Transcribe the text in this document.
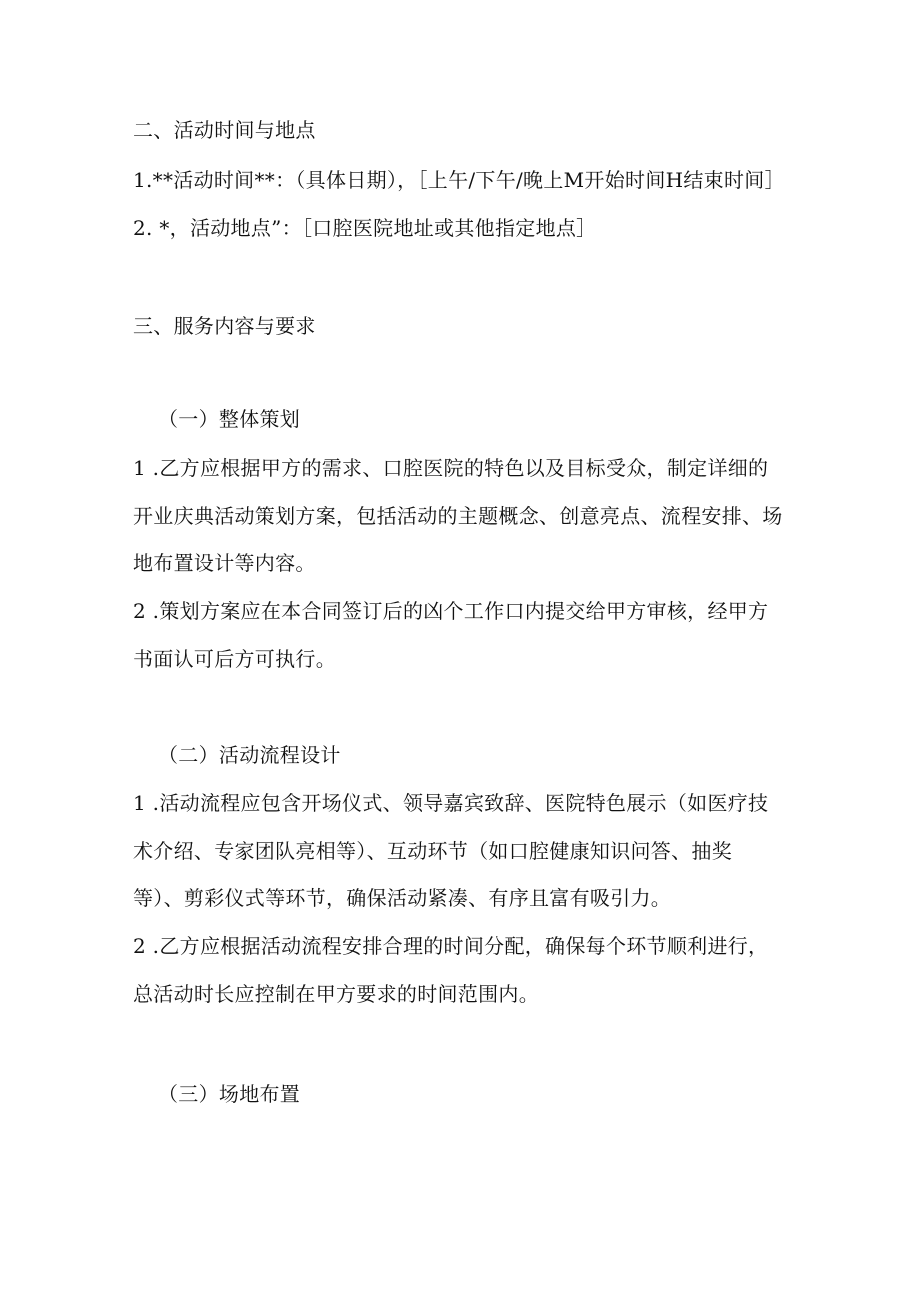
二、活动时间与地点
1.**活动时间**：（具体日期），［上午/下午/晚上M开始时间H结束时间］
2. *，活动地点”：［口腔医院地址或其他指定地点］
三、服务内容与要求
（一）整体策划
1 .乙方应根据甲方的需求、口腔医院的特色以及目标受众，制定详细的
开业庆典活动策划方案，包括活动的主题概念、创意亮点、流程安排、场
地布置设计等内容。
2 .策划方案应在本合同签订后的凶个工作口内提交给甲方审核，经甲方
书面认可后方可执行。
（二）活动流程设计
1 .活动流程应包含开场仪式、领导嘉宾致辞、医院特色展示（如医疗技
术介绍、专家团队亮相等）、互动环节（如口腔健康知识问答、抽奖
等）、剪彩仪式等环节，确保活动紧凑、有序且富有吸引力。
2 .乙方应根据活动流程安排合理的时间分配，确保每个环节顺利进行，
总活动时长应控制在甲方要求的时间范围内。
（三）场地布置
